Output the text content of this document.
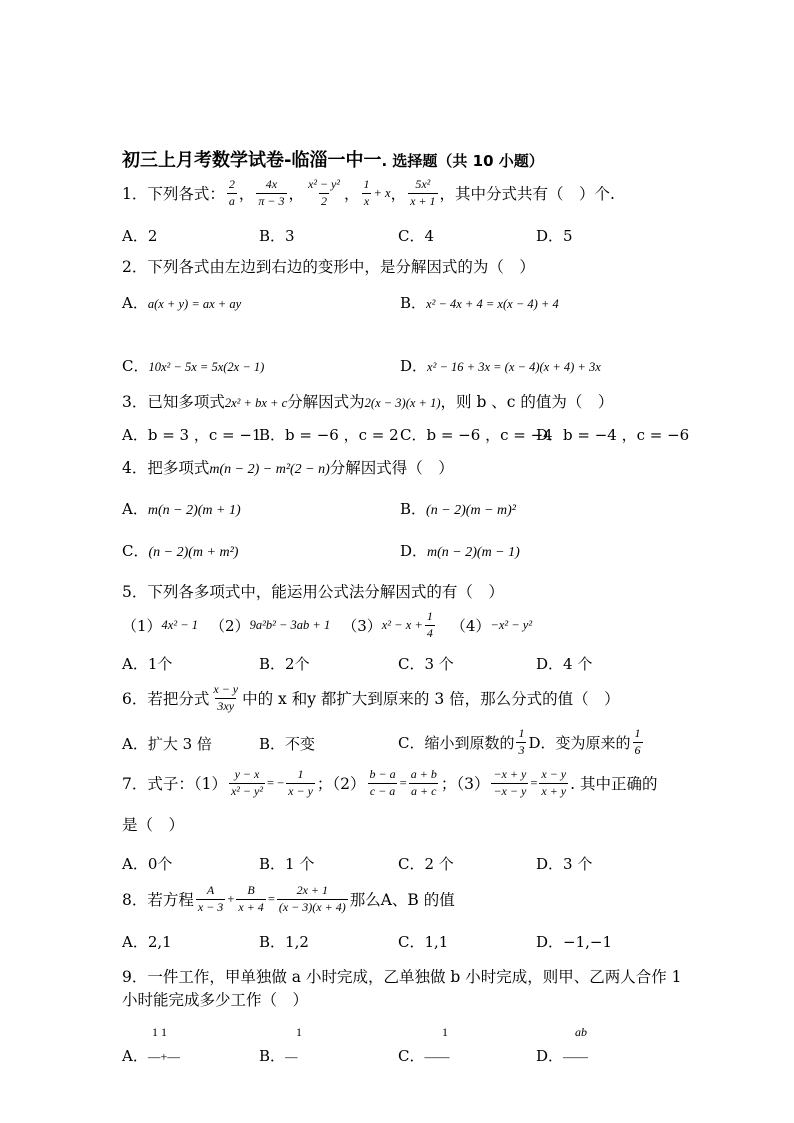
初三上月考数学试卷-临淄一中一. 选择题（共 10 小题）
1．下列各式： $\frac{2}{a}$ ， $\frac{4x}{\pi - 3}$ ， $\frac{\text{x² − y²}}{2}$ ， $\frac{1}{x} + x$ ， $\frac{\text{5x²}}{x + 1}$ ，其中分式共有（　）个.
A．2	B．3	C．4	D．5
2．下列各式由左边到右边的变形中，是分解因式的为（　）
A．a(x + y) = ax + ay	B．x² − 4x + 4 = x(x − 4) + 4
C．10x² − 5x = 5x(2x − 1)	D．x² − 16 + 3x = (x − 4)(x + 4) + 3x
3．已知多项式2x² + bx + c分解因式为2(x − 3)(x + 1)，则 b 、c 的值为（　）
A．b = 3 ，c = −1
B．b = −6 ，c = 2 C．b = −6 ，c = −4
D．b = −4 ，c = −6
4．把多项式m(n − 2) − m²(2 − n)分解因式得（　）
A．m(n − 2)(m + 1)	B．(n − 2)(m − m)²
C．(n − 2)(m + m²)	D．m(n − 2)(m − 1)
5．下列各多项式中，能运用公式法分解因式的有（　）
（1） 4x² − 1 （2） 9a²b² − 3ab + 1 （3） $x^2 - x + \frac{1}{4} (4) -x^2 - y^2$
A．1个	B．2个	C．3 个	D．4 个
6．若把分式 $\frac{x - y}{3xy}$ 中的 x 和y 都扩大到原来的 3 倍，那么分式的值（　）
A．扩大 3 倍	B．不变	C．缩小到原数的 $\frac{1}{3}$ D．变为原来的 $\frac{1}{6}$
7．式子：$(1) \frac{y - x}{\text{x² − y²}}$ = − $\frac{1}{x - y}$ ；$(2) \frac{b - a}{c - a} = \frac{a + b}{a + c}$ ；$(3) \frac{-x + y}{-x - y} = \frac{x - y}{x + y}$ . 其中正确的
是（　）
A．0个	B．1 个	C．2 个	D．3 个
8．若方程 $\frac{A}{x - 3} + \frac{B}{x + 4} = \frac{2x + 1}{(x - 3)(x + 4)}$ 那么A、B 的值
A．2,1	B．1,2	C．1,1	D．−1,−1
9．一件工作，甲单独做 a 小时完成，乙单独做 b 小时完成，则甲、乙两人合作 1
小时能完成多少工作（　）
1 1	1	1	ab
A．—+—	B．—	C．——	D．——
